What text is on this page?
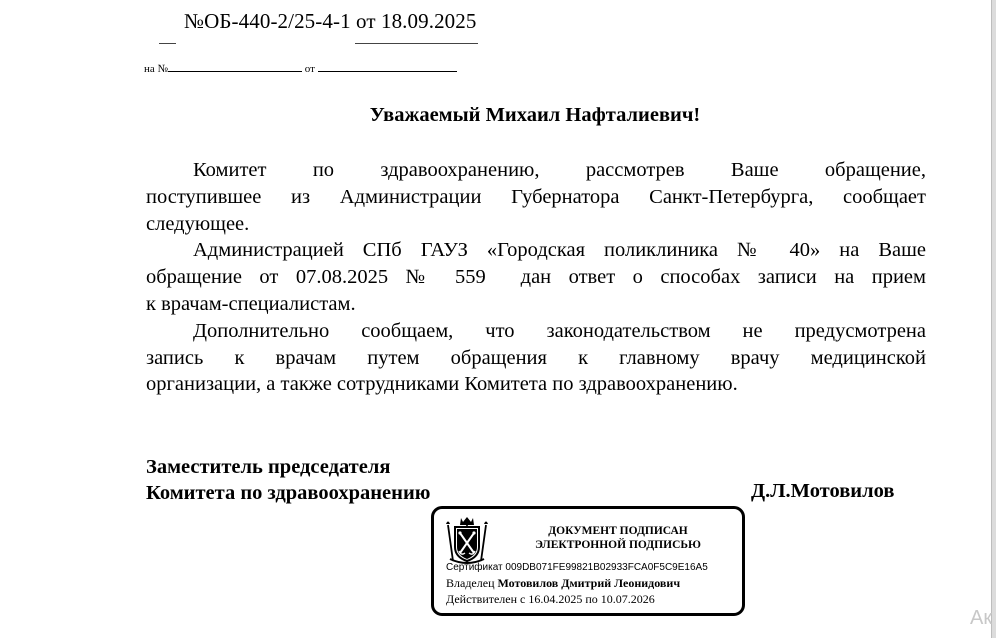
№ОБ-440-2/25-4-1 от 18.09.2025
на №	от
Уважаемый Михаил Нафталиевич!
Комитет по здравоохранению, рассмотрев Ваше обращение,
поступившее из Администрации Губернатора Санкт-Петербурга, сообщает
следующее.
Администрацией СПб ГАУЗ «Городская поликлиника № 40» на Ваше
обращение от 07.08.2025 № 559  дан ответ о способах записи на прием
к врачам-специалистам.
Дополнительно сообщаем, что законодательством не предусмотрена
запись к врачам путем обращения к главному врачу медицинской
организации, а также сотрудниками Комитета по здравоохранению.
Заместитель председателя
Комитета по здравоохранению	Д.Л.Мотовилов
ДОКУМЕНТ ПОДПИСАН
ЭЛЕКТРОННОЙ ПОДПИСЬЮ
Сертификат 009DB071FE99821B02933FCA0F5C9E16A5
Владелец Мотовилов Дмитрий Леонидович
Действителен с 16.04.2025 по 10.07.2026
Ак
